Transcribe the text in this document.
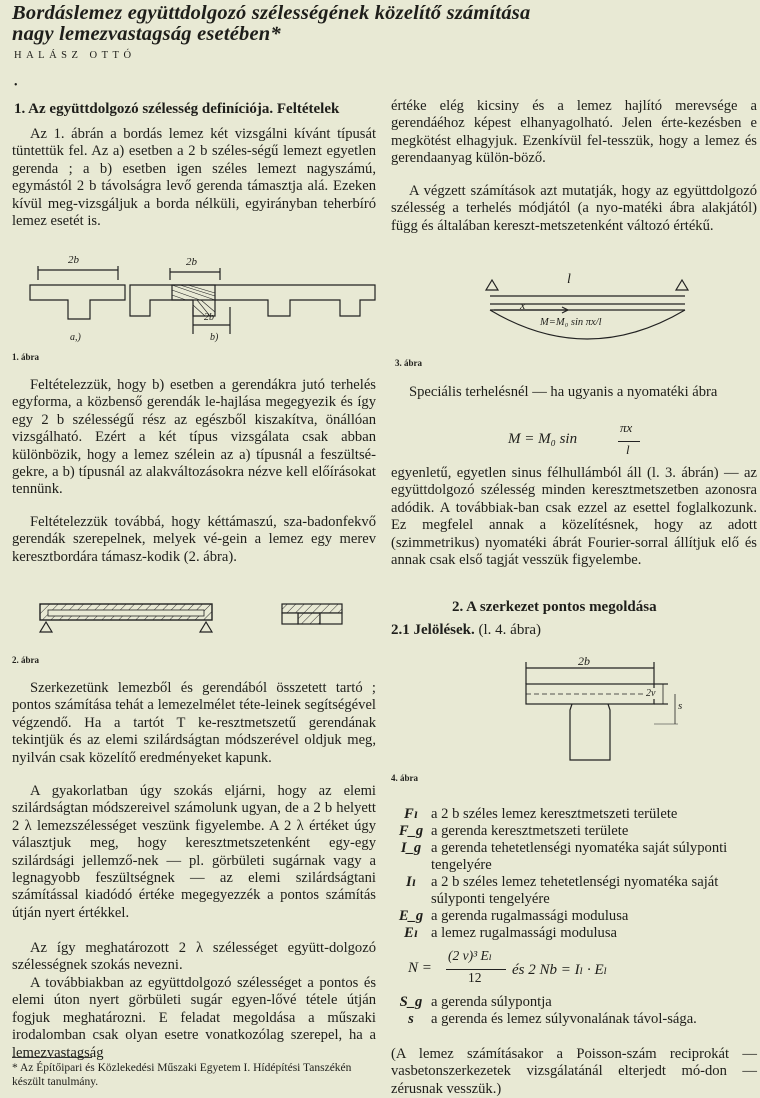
Bordáslemez együttdolgozó szélességének közelítő számítása
nagy lemezvastagság esetében*
HALÁSZ OTTÓ
•
1. Az együttdolgozó szélesség definíciója. Feltételek

Az 1. ábrán a bordás lemez két vizsgálni kívánt típusát tüntettük fel. Az a) esetben a 2 b széles-ségű lemezt egyetlen gerenda ; a b) esetben igen széles lemezt nagyszámú, egymástól 2 b távolságra levő gerenda támasztja alá. Ezeken kívül meg-vizsgáljuk a borda nélküli, egyirányban teherbíró lemez esetét is.

2b	2b
2b
a,)	b)
1. ábra

Feltételezzük, hogy b) esetben a gerendákra jutó terhelés egyforma, a közbenső gerendák le-hajlása megegyezik és így egy 2 b szélességű rész az egészből kiszakítva, önállóan vizsgálható. Ezért a két típus vizsgálata csak abban különbözik, hogy a lemez szélein az a) típusnál a feszültsé-gekre, a b) típusnál az alakváltozásokra nézve kell előírásokat tennünk.

Feltételezzük továbbá, hogy kéttámaszú, sza-badonfekvő gerendák szerepelnek, melyek vé-gein a lemez egy merev keresztbordára támasz-kodik (2. ábra).

2. ábra

Szerkezetünk lemezből és gerendából összetett tartó ; pontos számítása tehát a lemezelmélet téte-leinek segítségével végzendő. Ha a tartót T ke-resztmetszetű gerendának tekintjük és az elemi szilárdságtan módszerével oldjuk meg, nyilván csak közelítő eredményeket kapunk.

A gyakorlatban úgy szokás eljárni, hogy az elemi szilárdságtan módszereivel számolunk ugyan, de a 2 b helyett 2 λ lemezszélességet veszünk figyelembe. A 2 λ értéket úgy választjuk meg, hogy keresztmetszetenként egy-egy szilárdsági jellemző-nek — pl. görbületi sugárnak vagy a legnagyobb feszültségnek — az elemi szilárdságtani számítással kiadódó értéke megegyezzék a pontos számítás útján nyert értékkel.

Az így meghatározott 2 λ szélességet együtt-dolgozó szélességnek szokás nevezni.

A továbbiakban az együttdolgozó szélességet a pontos és elemi úton nyert görbületi sugár egyen-lővé tétele útján fogjuk meghatározni. E feladat megoldása a műszaki irodalomban csak olyan esetre vonatkozólag szerepel, ha a lemezvastagság

* Az Építőipari és Közlekedési Műszaki Egyetem I. Hídépítési Tanszékén készült tanulmány.

értéke elég kicsiny és a lemez hajlító merevsége a gerendáéhoz képest elhanyagolható. Jelen érte-kezésben e megkötést elhagyjuk. Ezenkívül fel-tesszük, hogy a lemez és gerendaanyag külön-böző.

A végzett számítások azt mutatják, hogy az együttdolgozó szélesség a terhelés módjától (a nyo-matéki ábra alakjától) függ és általában kereszt-metszetenként változó értékű.

l
x
M=M₀ sin πx/l
3. ábra

Speciális terhelésnél — ha ugyanis a nyomatéki ábra

M = M₀ sin
πx
l

egyenletű, egyetlen sinus félhullámból áll (l. 3. ábrán) — az együttdolgozó szélesség minden keresztmetszetben azonosra adódik. A továbbiak-ban csak ezzel az esettel foglalkozunk. Ez megfelel annak a közelítésnek, hogy az adott (szimmetrikus) nyomatéki ábrát Fourier-sorral állítjuk elő és annak csak első tagját vesszük figyelembe.

2. A szerkezet pontos megoldása
2.1 Jelölések. (l. 4. ábra)
2b
2v
s
4. ábra
Fₗ a 2 b széles lemez keresztmetszeti területe
F_g a gerenda keresztmetszeti területe
I_g a gerenda tehetetlenségi nyomatéka saját súlyponti tengelyére
Iₗ	a 2 b széles lemez tehetetlenségi nyomatéka saját súlyponti tengelyére
E_g a gerenda rugalmassági modulusa
Eₗ a lemez rugalmassági modulusa
N =
(2 v)³ Eₗ
12 és 2 Nb = Iₗ · Eₗ
S_g a gerenda súlypontja
s	a gerenda és lemez súlyvonalának távol-sága.

(A lemez számításakor a Poisson-szám reciprokát — vasbetonszerkezetek vizsgálatánál elterjedt mó-don — zérusnak vesszük.)
